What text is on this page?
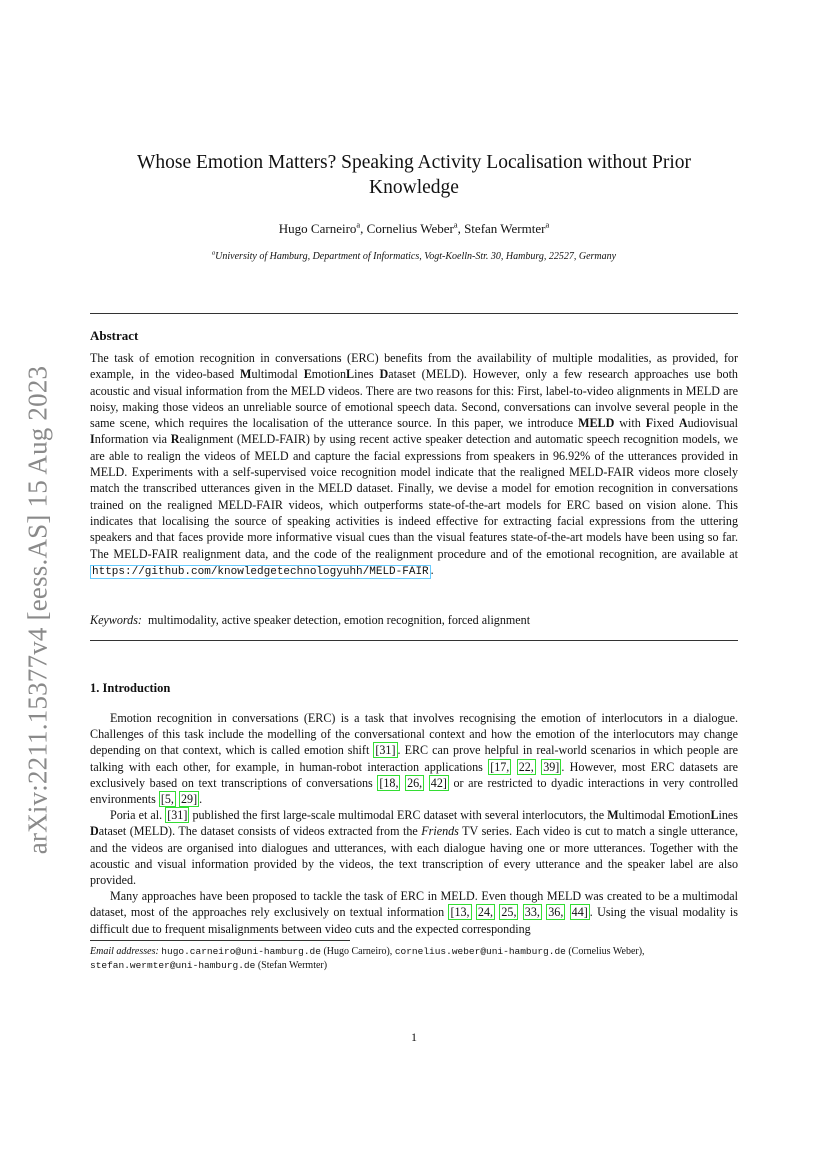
arXiv:2211.15377v4 [eess.AS] 15 Aug 2023
Whose Emotion Matters? Speaking Activity Localisation without Prior
Knowledge
Hugo Carneiro$^a$, Cornelius Weber$^a$, Stefan Wermter$^a$
$^a$University of Hamburg, Department of Informatics, Vogt-Koelln-Str. 30, Hamburg, 22527, Germany
Abstract
The task of emotion recognition in conversations (ERC) benefits from the availability of multiple modalities, as provided, for example, in the video-based Multimodal EmotionLines Dataset (MELD). However, only a few research approaches use both acoustic and visual information from the MELD videos. There are two reasons for this: First, label-to-video alignments in MELD are noisy, making those videos an unreliable source of emotional speech data. Second, conversations can involve several people in the same scene, which requires the localisation of the utterance source. In this paper, we introduce MELD with Fixed Audiovisual Information via Realignment (MELD-FAIR) by using recent active speaker detection and automatic speech recognition models, we are able to realign the videos of MELD and capture the facial expressions from speakers in 96.92% of the utterances provided in MELD. Experiments with a self-supervised voice recognition model indicate that the realigned MELD-FAIR videos more closely match the transcribed utterances given in the MELD dataset. Finally, we devise a model for emotion recognition in conversations trained on the realigned MELD-FAIR videos, which outperforms state-of-the-art models for ERC based on vision alone. This indicates that localising the source of speaking activities is indeed effective for extracting facial expressions from the uttering speakers and that faces provide more informative visual cues than the visual features state-of-the-art models have been using so far. The MELD-FAIR realignment data, and the code of the realignment procedure and of the emotional recognition, are available at https://github.com/knowledgetechnologyuhh/MELD-FAIR .
Keywords: multimodality, active speaker detection, emotion recognition, forced alignment
1. Introduction

Emotion recognition in conversations (ERC) is a task that involves recognising the emotion of interlocutors in a dialogue. Challenges of this task include the modelling of the conversational context and how the emotion of the interlocutors may change depending on that context, which is called emotion shift [31] . ERC can prove helpful in real-world scenarios in which people are talking with each other, for example, in human-robot interaction applications [17, 22, 39] . However, most ERC datasets are exclusively based on text transcriptions of conversations [18, 26, 42] or are restricted to dyadic interactions in very controlled environments [5, 29] .

Poria et al. [31] published the first large-scale multimodal ERC dataset with several interlocutors, the Multimodal EmotionLines Dataset (MELD). The dataset consists of videos extracted from the Friends TV series. Each video is cut to match a single utterance, and the videos are organised into dialogues and utterances, with each dialogue having one or more utterances. Together with the acoustic and visual information provided by the videos, the text transcription of every utterance and the speaker label are also provided.

Many approaches have been proposed to tackle the task of ERC in MELD. Even though MELD was created to be a multimodal dataset, most of the approaches rely exclusively on textual information [13, 24, 25, 33, 36, 44] . Using the visual modality is difficult due to frequent misalignments between video cuts and the expected corresponding

Email addresses: hugo.carneiro@uni-hamburg.de (Hugo Carneiro), cornelius.weber@uni-hamburg.de (Cornelius Weber),
stefan.wermter@uni-hamburg.de (Stefan Wermter)
1
